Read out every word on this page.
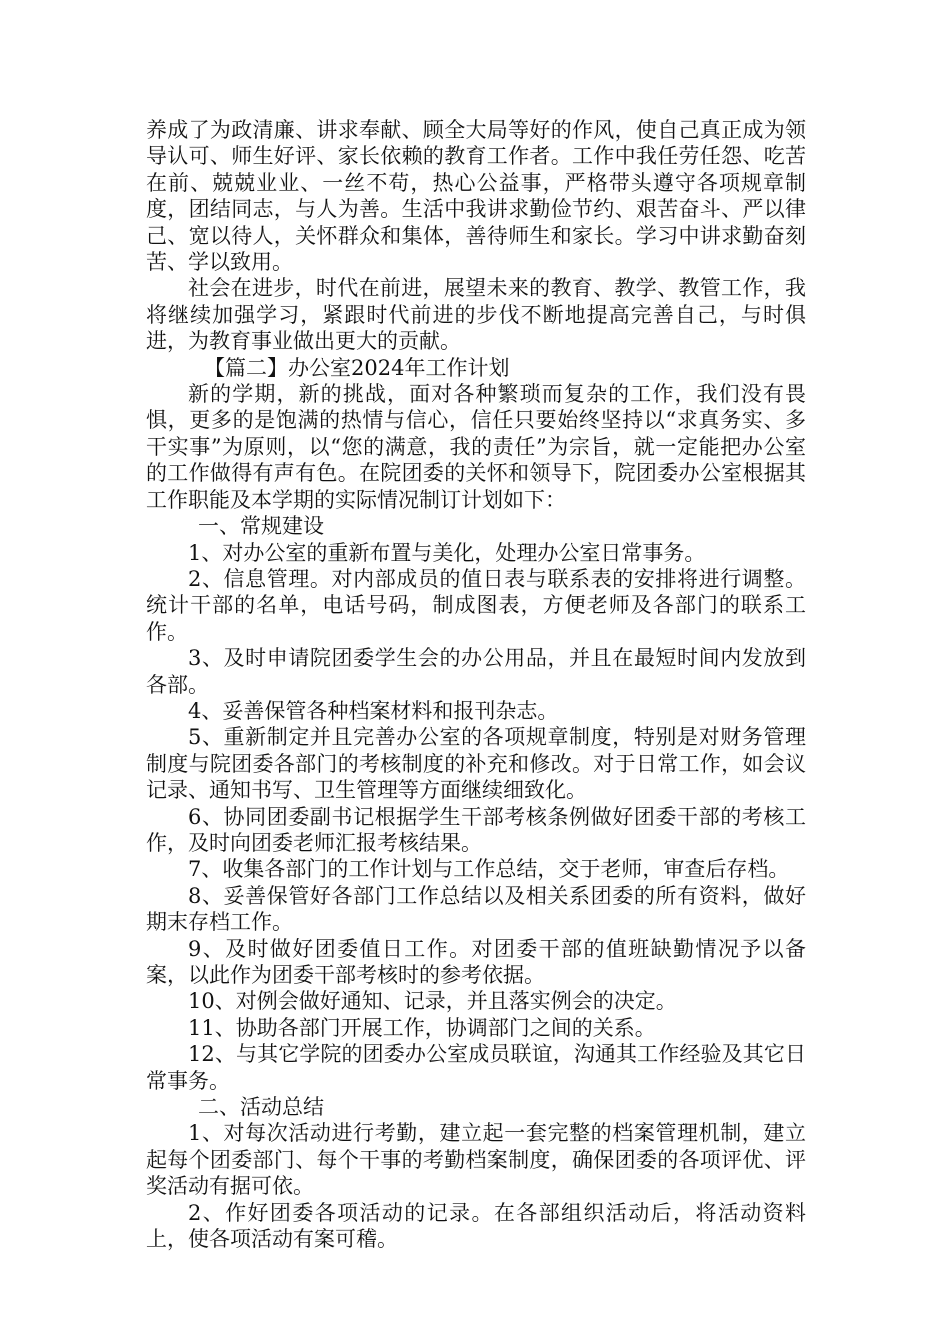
养成了为政清廉、讲求奉献、顾全大局等好的作风，使自己真正成为领导认可、师生好评、家长依赖的教育工作者。工作中我任劳任怨、吃苦在前、兢兢业业、一丝不苟，热心公益事，严格带头遵守各项规章制度，团结同志，与人为善。生活中我讲求勤俭节约、艰苦奋斗、严以律己、宽以待人，关怀群众和集体，善待师生和家长。学习中讲求勤奋刻苦、学以致用。

社会在进步，时代在前进，展望未来的教育、教学、教管工作，我将继续加强学习，紧跟时代前进的步伐不断地提高完善自己，与时俱进，为教育事业做出更大的贡献。

【篇二】办公室2024年工作计划

新的学期，新的挑战，面对各种繁琐而复杂的工作，我们没有畏惧，更多的是饱满的热情与信心，信任只要始终坚持以“求真务实、多干实事”为原则，以“您的满意，我的责任”为宗旨，就一定能把办公室的工作做得有声有色。在院团委的关怀和领导下，院团委办公室根据其工作职能及本学期的实际情况制订计划如下：

一、常规建设

1、对办公室的重新布置与美化，处理办公室日常事务。

2、信息管理。对内部成员的值日表与联系表的安排将进行调整。统计干部的名单，电话号码，制成图表，方便老师及各部门的联系工作。

3、及时申请院团委学生会的办公用品，并且在最短时间内发放到各部。

4、妥善保管各种档案材料和报刊杂志。

5、重新制定并且完善办公室的各项规章制度，特别是对财务管理制度与院团委各部门的考核制度的补充和修改。对于日常工作，如会议记录、通知书写、卫生管理等方面继续细致化。

6、协同团委副书记根据学生干部考核条例做好团委干部的考核工作，及时向团委老师汇报考核结果。

7、收集各部门的工作计划与工作总结，交于老师，审查后存档。

8、妥善保管好各部门工作总结以及相关系团委的所有资料，做好期末存档工作。

9、及时做好团委值日工作。对团委干部的值班缺勤情况予以备案，以此作为团委干部考核时的参考依据。

10、对例会做好通知、记录，并且落实例会的决定。

11、协助各部门开展工作，协调部门之间的关系。

12、与其它学院的团委办公室成员联谊，沟通其工作经验及其它日常事务。

二、活动总结

1、对每次活动进行考勤，建立起一套完整的档案管理机制，建立起每个团委部门、每个干事的考勤档案制度，确保团委的各项评优、评奖活动有据可依。

2、作好团委各项活动的记录。在各部组织活动后，将活动资料上，使各项活动有案可稽。
